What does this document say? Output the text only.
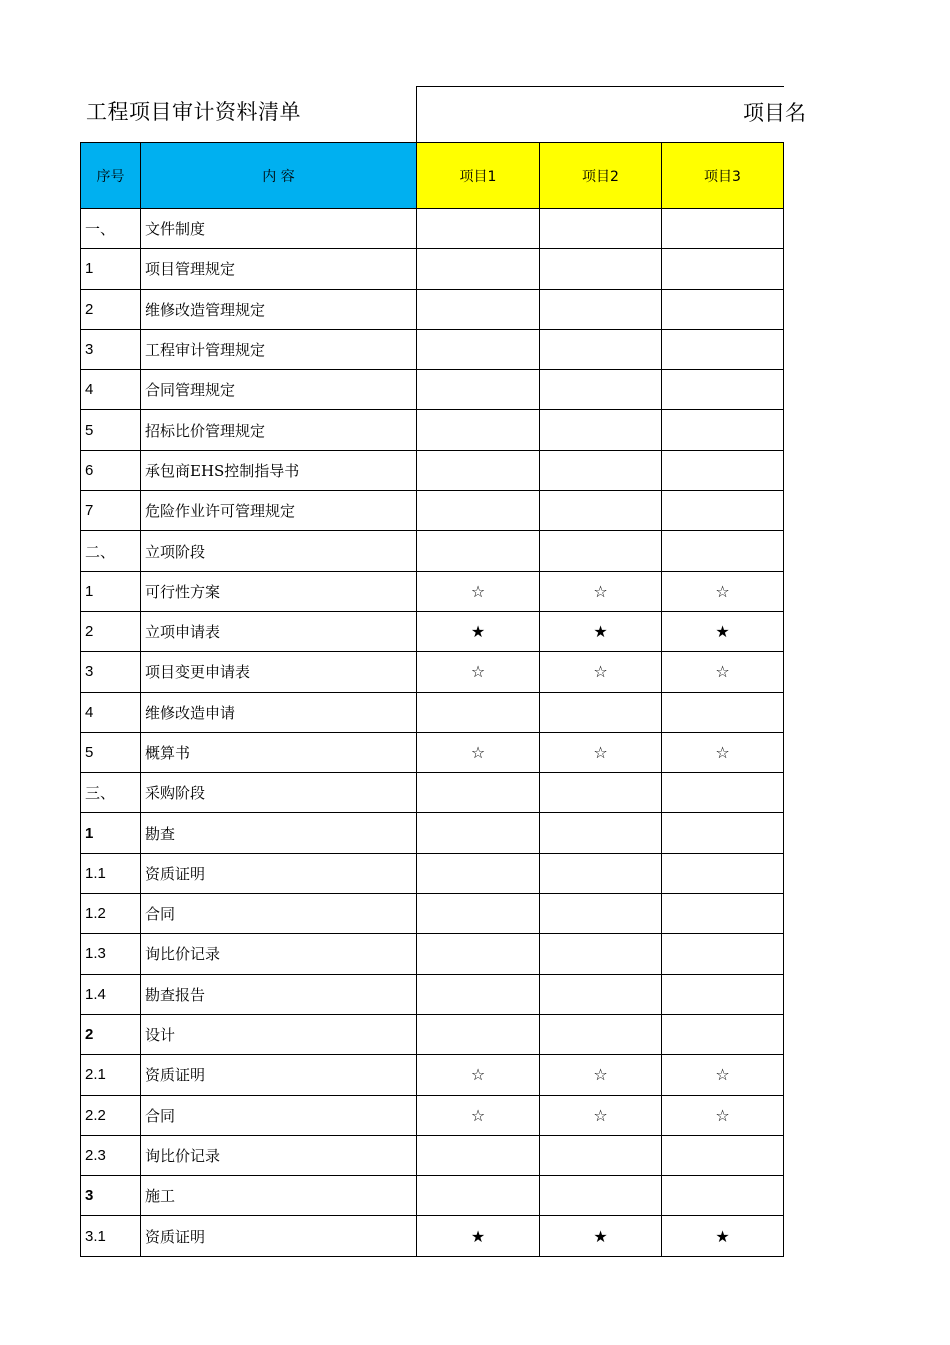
工程项目审计资料清单	项目名
序号	内 容	项目1	项目2	项目3
一、	文件制度			
1	项目管理规定			
2	维修改造管理规定			
3	工程审计管理规定			
4	合同管理规定			
5	招标比价管理规定			
6	承包商EHS控制指导书			
7	危险作业许可管理规定			
二、	立项阶段			
1	可行性方案	☆	☆	☆
2	立项申请表	★	★	★
3	项目变更申请表	☆	☆	☆
4	维修改造申请			
5	概算书	☆	☆	☆
三、	采购阶段			
1	勘查			
1.1	资质证明			
1.2	合同			
1.3	询比价记录			
1.4	勘查报告			
2	设计			
2.1	资质证明	☆	☆	☆
2.2	合同	☆	☆	☆
2.3	询比价记录			
3	施工			
3.1	资质证明	★	★	★
